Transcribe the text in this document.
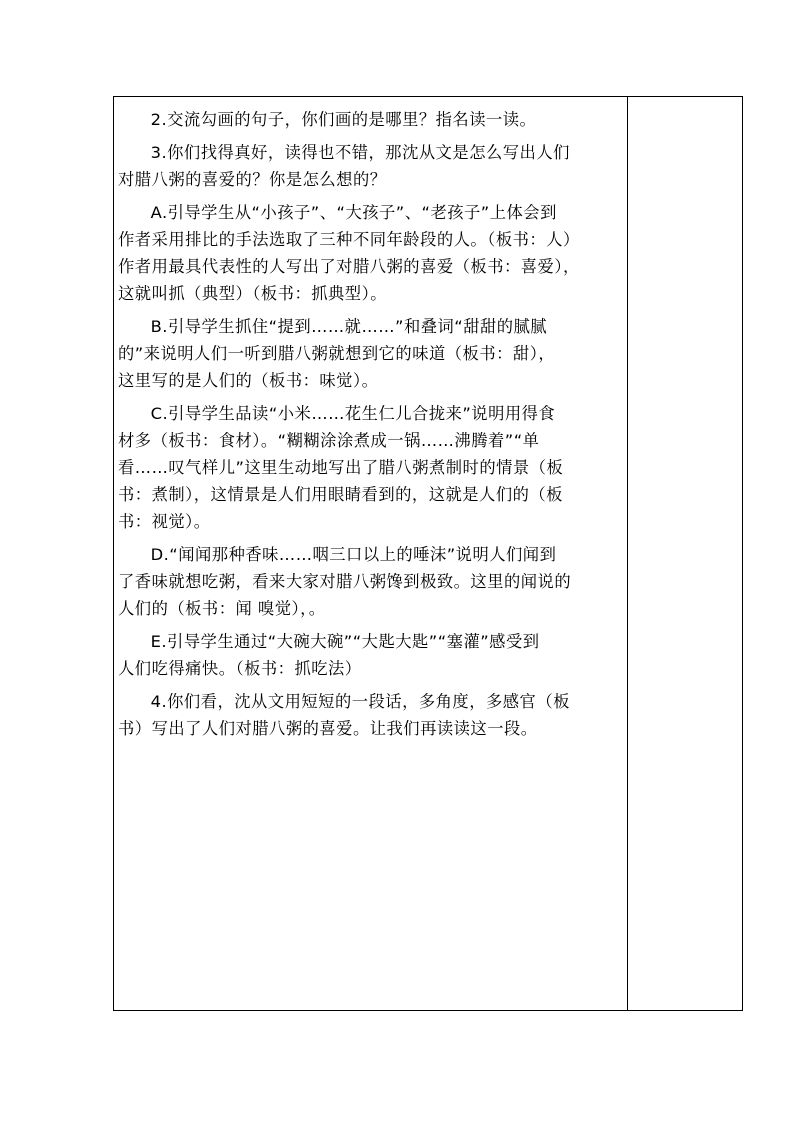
2.交流勾画的句子，你们画的是哪里？指名读一读。

3.你们找得真好，读得也不错，那沈从文是怎么写出人们

对腊八粥的喜爱的？你是怎么想的？

A.引导学生从“小孩子”、“大孩子”、“老孩子”上体会到

作者采用排比的手法选取了三种不同年龄段的人。（板书：人）

作者用最具代表性的人写出了对腊八粥的喜爱（板书：喜爱），

这就叫抓（典型）（板书：抓典型）。

B.引导学生抓住“提到……就……”和叠词“甜甜的腻腻

的”来说明人们一听到腊八粥就想到它的味道（板书：甜），

这里写的是人们的（板书：味觉）。

C.引导学生品读“小米……花生仁儿合拢来”说明用得食

材多（板书：食材）。“糊糊涂涂煮成一锅……沸腾着”“单

看……叹气样儿”这里生动地写出了腊八粥煮制时的情景（板

书：煮制），这情景是人们用眼睛看到的，这就是人们的（板

书：视觉）。

D.“闻闻那种香味……咽三口以上的唾沫”说明人们闻到

了香味就想吃粥，看来大家对腊八粥馋到极致。这里的闻说的

人们的（板书：闻 嗅觉），。

E.引导学生通过“大碗大碗”“大匙大匙”“塞灌”感受到

人们吃得痛快。（板书：抓吃法）

4.你们看，沈从文用短短的一段话，多角度，多感官（板

书）写出了人们对腊八粥的喜爱。让我们再读读这一段。
